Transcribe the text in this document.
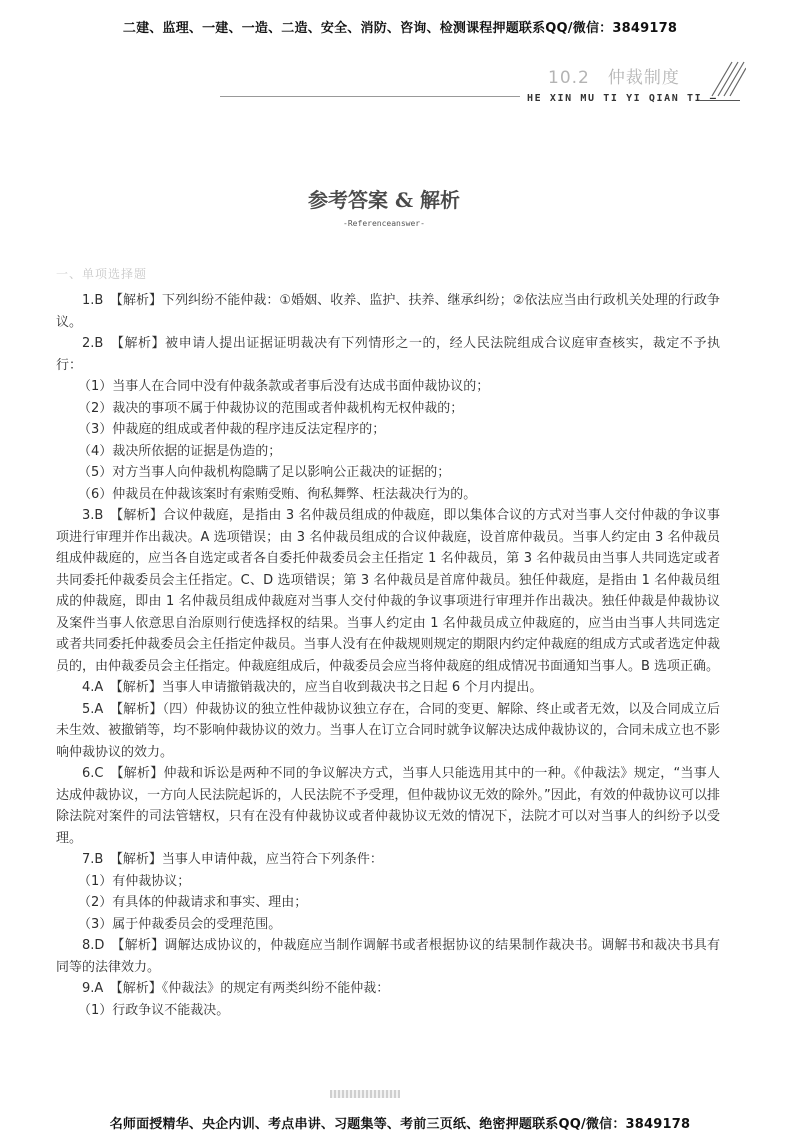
二建、监理、一建、一造、二造、安全、消防、咨询、检测课程押题联系QQ/微信：3849178
10.2　仲裁制度
HE XIN MU TI YI QIAN TI —
参考答案 & 解析
-Referenceanswer-
一、单项选择题

1.B　【解析】下列纠纷不能仲裁：①婚姻、收养、监护、扶养、继承纠纷；②依法应当由行政机关处理的行政争议。

2.B　【解析】被申请人提出证据证明裁决有下列情形之一的，经人民法院组成合议庭审查核实，裁定不予执行：

（1）当事人在合同中没有仲裁条款或者事后没有达成书面仲裁协议的；

（2）裁决的事项不属于仲裁协议的范围或者仲裁机构无权仲裁的；

（3）仲裁庭的组成或者仲裁的程序违反法定程序的；

（4）裁决所依据的证据是伪造的；

（5）对方当事人向仲裁机构隐瞒了足以影响公正裁决的证据的；

（6）仲裁员在仲裁该案时有索贿受贿、徇私舞弊、枉法裁决行为的。

3.B　【解析】合议仲裁庭，是指由 3 名仲裁员组成的仲裁庭，即以集体合议的方式对当事人交付仲裁的争议事项进行审理并作出裁决。A 选项错误；由 3 名仲裁员组成的合议仲裁庭，设首席仲裁员。当事人约定由 3 名仲裁员组成仲裁庭的，应当各自选定或者各自委托仲裁委员会主任指定 1 名仲裁员，第 3 名仲裁员由当事人共同选定或者共同委托仲裁委员会主任指定。C、D 选项错误；第 3 名仲裁员是首席仲裁员。独任仲裁庭，是指由 1 名仲裁员组成的仲裁庭，即由 1 名仲裁员组成仲裁庭对当事人交付仲裁的争议事项进行审理并作出裁决。独任仲裁是仲裁协议及案件当事人依意思自治原则行使选择权的结果。当事人约定由 1 名仲裁员成立仲裁庭的，应当由当事人共同选定或者共同委托仲裁委员会主任指定仲裁员。当事人没有在仲裁规则规定的期限内约定仲裁庭的组成方式或者选定仲裁员的，由仲裁委员会主任指定。仲裁庭组成后，仲裁委员会应当将仲裁庭的组成情况书面通知当事人。B 选项正确。

4.A　【解析】当事人申请撤销裁决的，应当自收到裁决书之日起 6 个月内提出。

5.A　【解析】（四）仲裁协议的独立性仲裁协议独立存在，合同的变更、解除、终止或者无效，以及合同成立后未生效、被撤销等，均不影响仲裁协议的效力。当事人在订立合同时就争议解决达成仲裁协议的，合同未成立也不影响仲裁协议的效力。

6.C　【解析】仲裁和诉讼是两种不同的争议解决方式，当事人只能选用其中的一种。《仲裁法》规定，“当事人达成仲裁协议，一方向人民法院起诉的，人民法院不予受理，但仲裁协议无效的除外。”因此，有效的仲裁协议可以排除法院对案件的司法管辖权，只有在没有仲裁协议或者仲裁协议无效的情况下，法院才可以对当事人的纠纷予以受理。

7.B　【解析】当事人申请仲裁，应当符合下列条件：

（1）有仲裁协议；

（2）有具体的仲裁请求和事实、理由；

（3）属于仲裁委员会的受理范围。

8.D　【解析】调解达成协议的，仲裁庭应当制作调解书或者根据协议的结果制作裁决书。调解书和裁决书具有同等的法律效力。

9.A　【解析】《仲裁法》的规定有两类纠纷不能仲裁：

（1）行政争议不能裁决。

名师面授精华、央企内训、考点串讲、习题集等、考前三页纸、绝密押题联系QQ/微信：3849178
